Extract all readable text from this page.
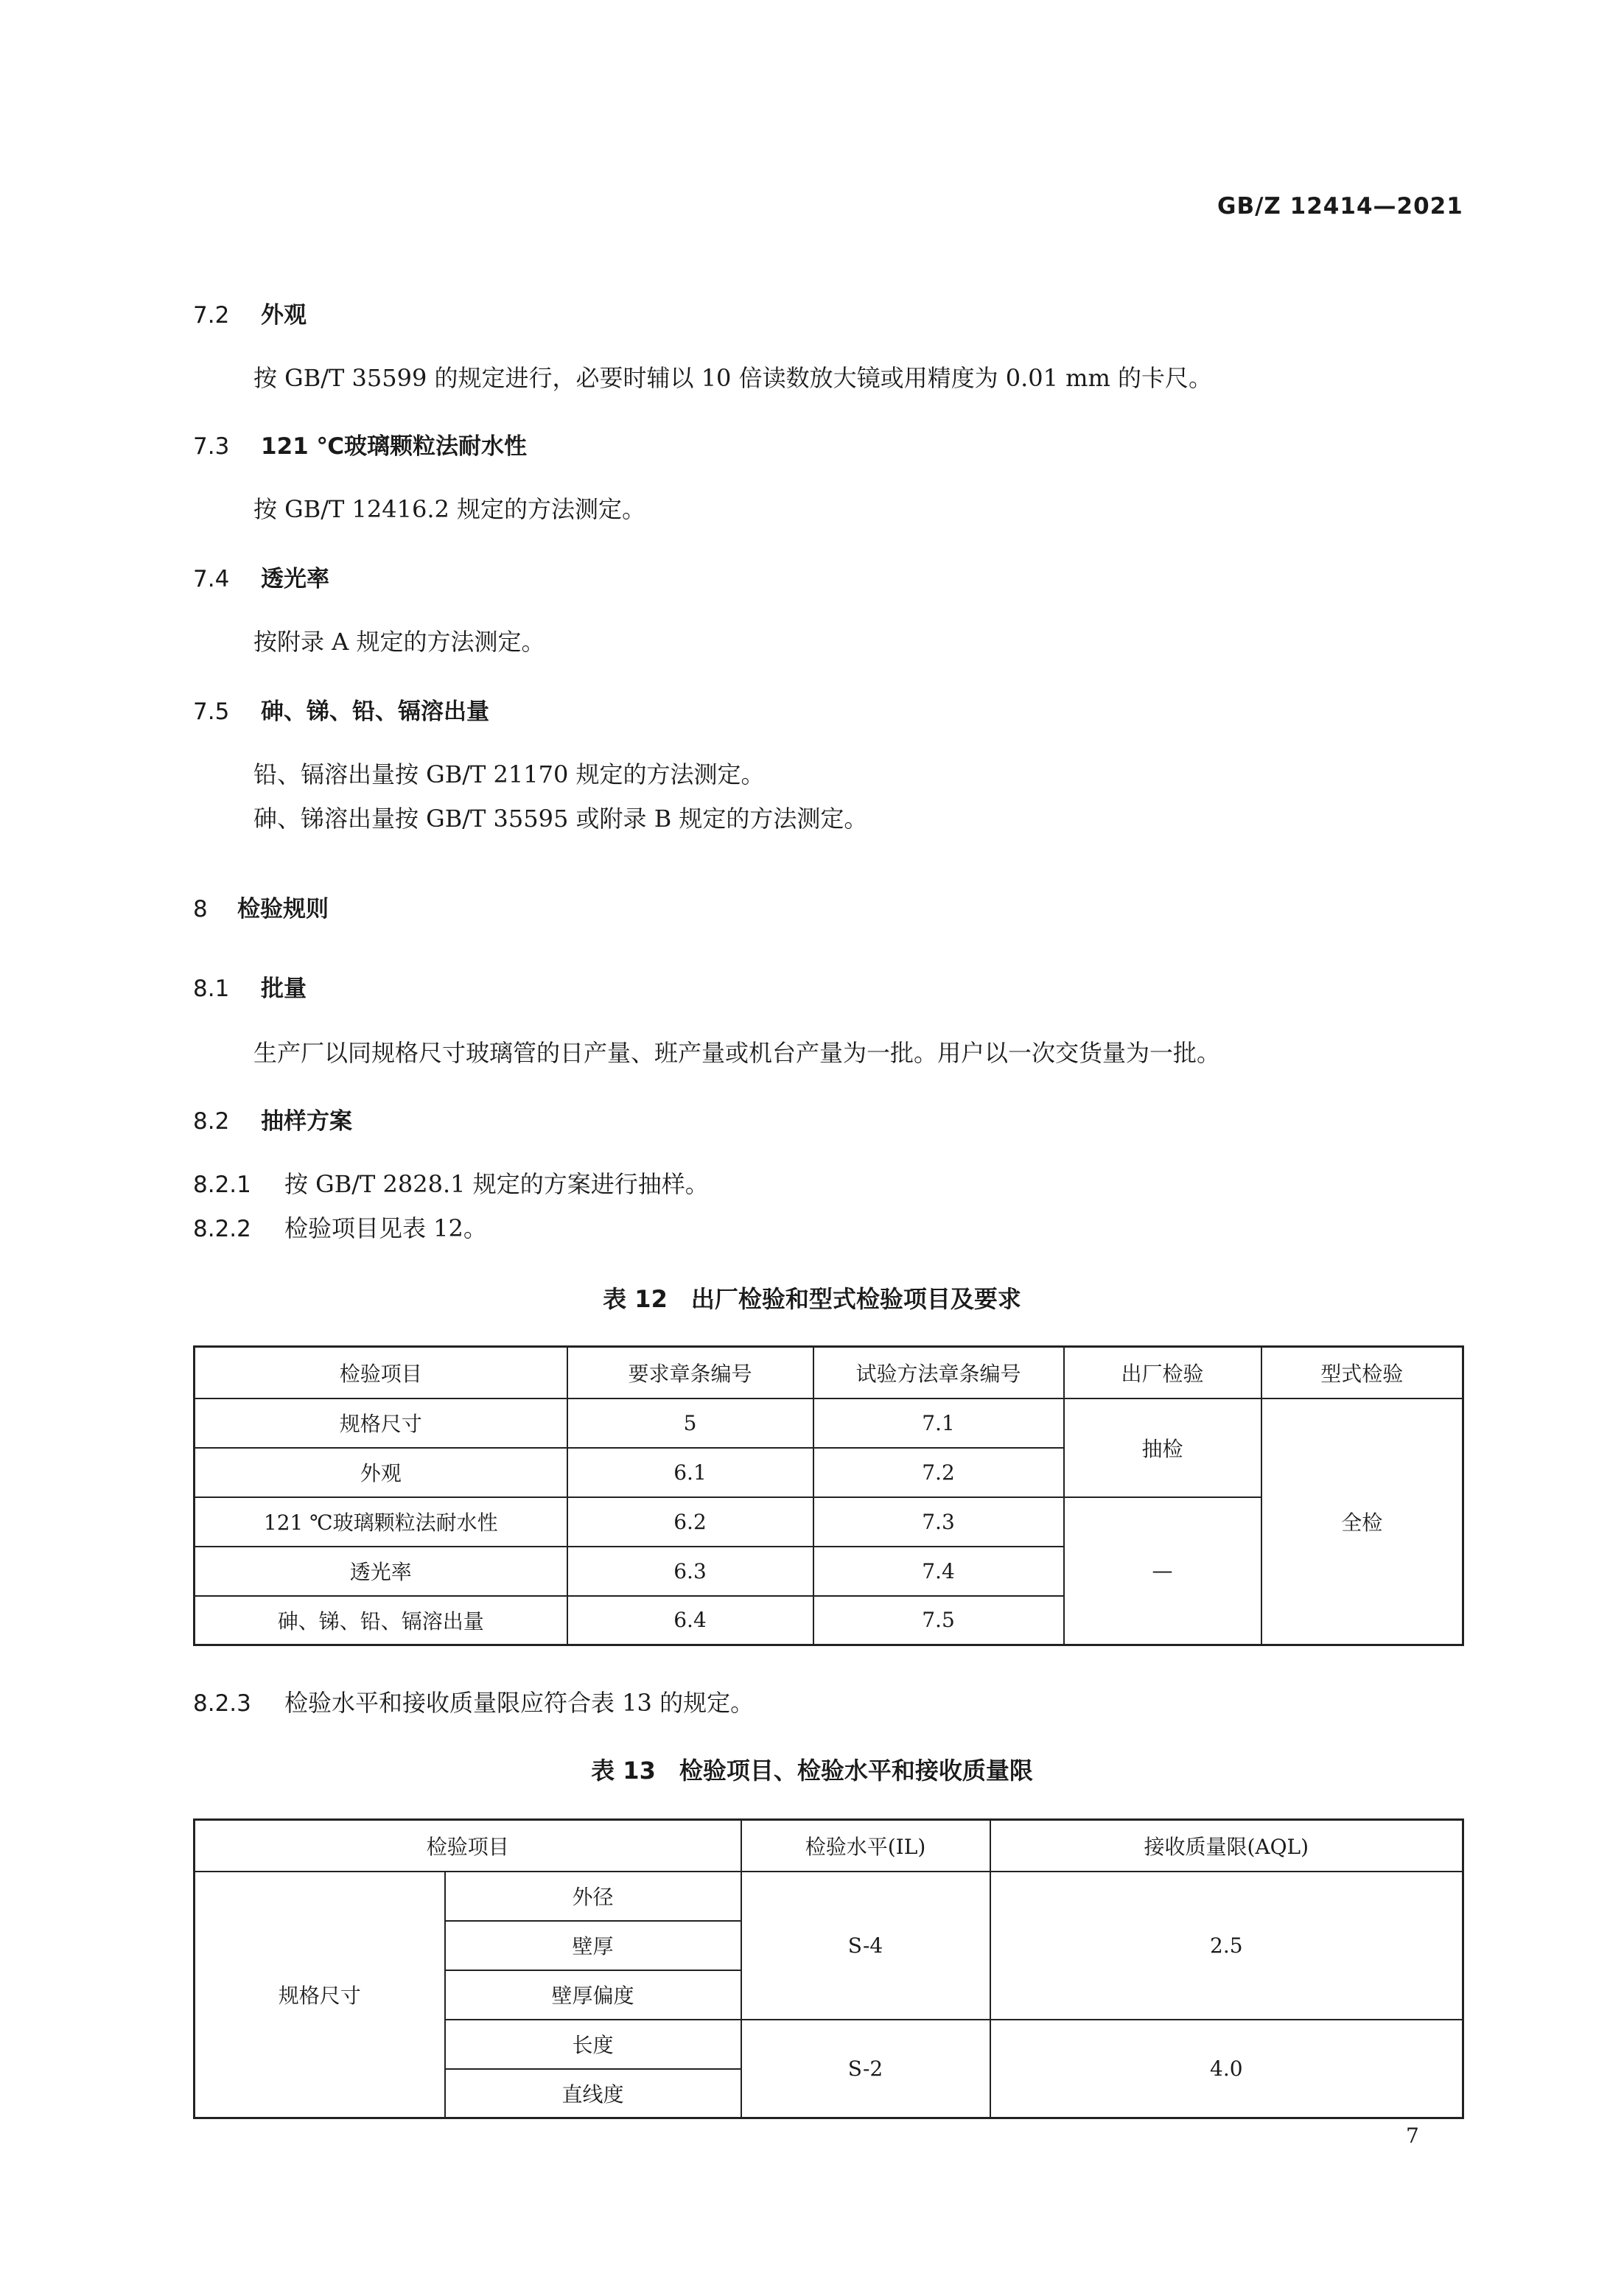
GB/Z 12414—2021
7.2 外观
按 GB/T 35599 的规定进行，必要时辅以 10 倍读数放大镜或用精度为 0.01 mm 的卡尺。
7.3 121 ℃玻璃颗粒法耐水性
按 GB/T 12416.2 规定的方法测定。
7.4 透光率
按附录 A 规定的方法测定。
7.5 砷、锑、铅、镉溶出量
铅、镉溶出量按 GB/T 21170 规定的方法测定。
砷、锑溶出量按 GB/T 35595 或附录 B 规定的方法测定。
8 检验规则
8.1 批量
生产厂以同规格尺寸玻璃管的日产量、班产量或机台产量为一批。用户以一次交货量为一批。
8.2 抽样方案
8.2.1 按 GB/T 2828.1 规定的方案进行抽样。
8.2.2 检验项目见表 12。
表 12　出厂检验和型式检验项目及要求
检验项目	要求章条编号	试验方法章条编号	出厂检验	型式检验
规格尺寸	5	7.1	抽检	全检
外观	6.1	7.2		
121 ℃玻璃颗粒法耐水性	6.2	7.3	—	
透光率	6.3	7.4		
砷、锑、铅、镉溶出量	6.4	7.5		
8.2.3 检验水平和接收质量限应符合表 13 的规定。
表 13　检验项目、检验水平和接收质量限
检验项目		检验水平(IL)	接收质量限(AQL)
规格尺寸	外径	S-4	2.5
	壁厚		
	壁厚偏度		
	长度	S-2	4.0
	直线度		
7
